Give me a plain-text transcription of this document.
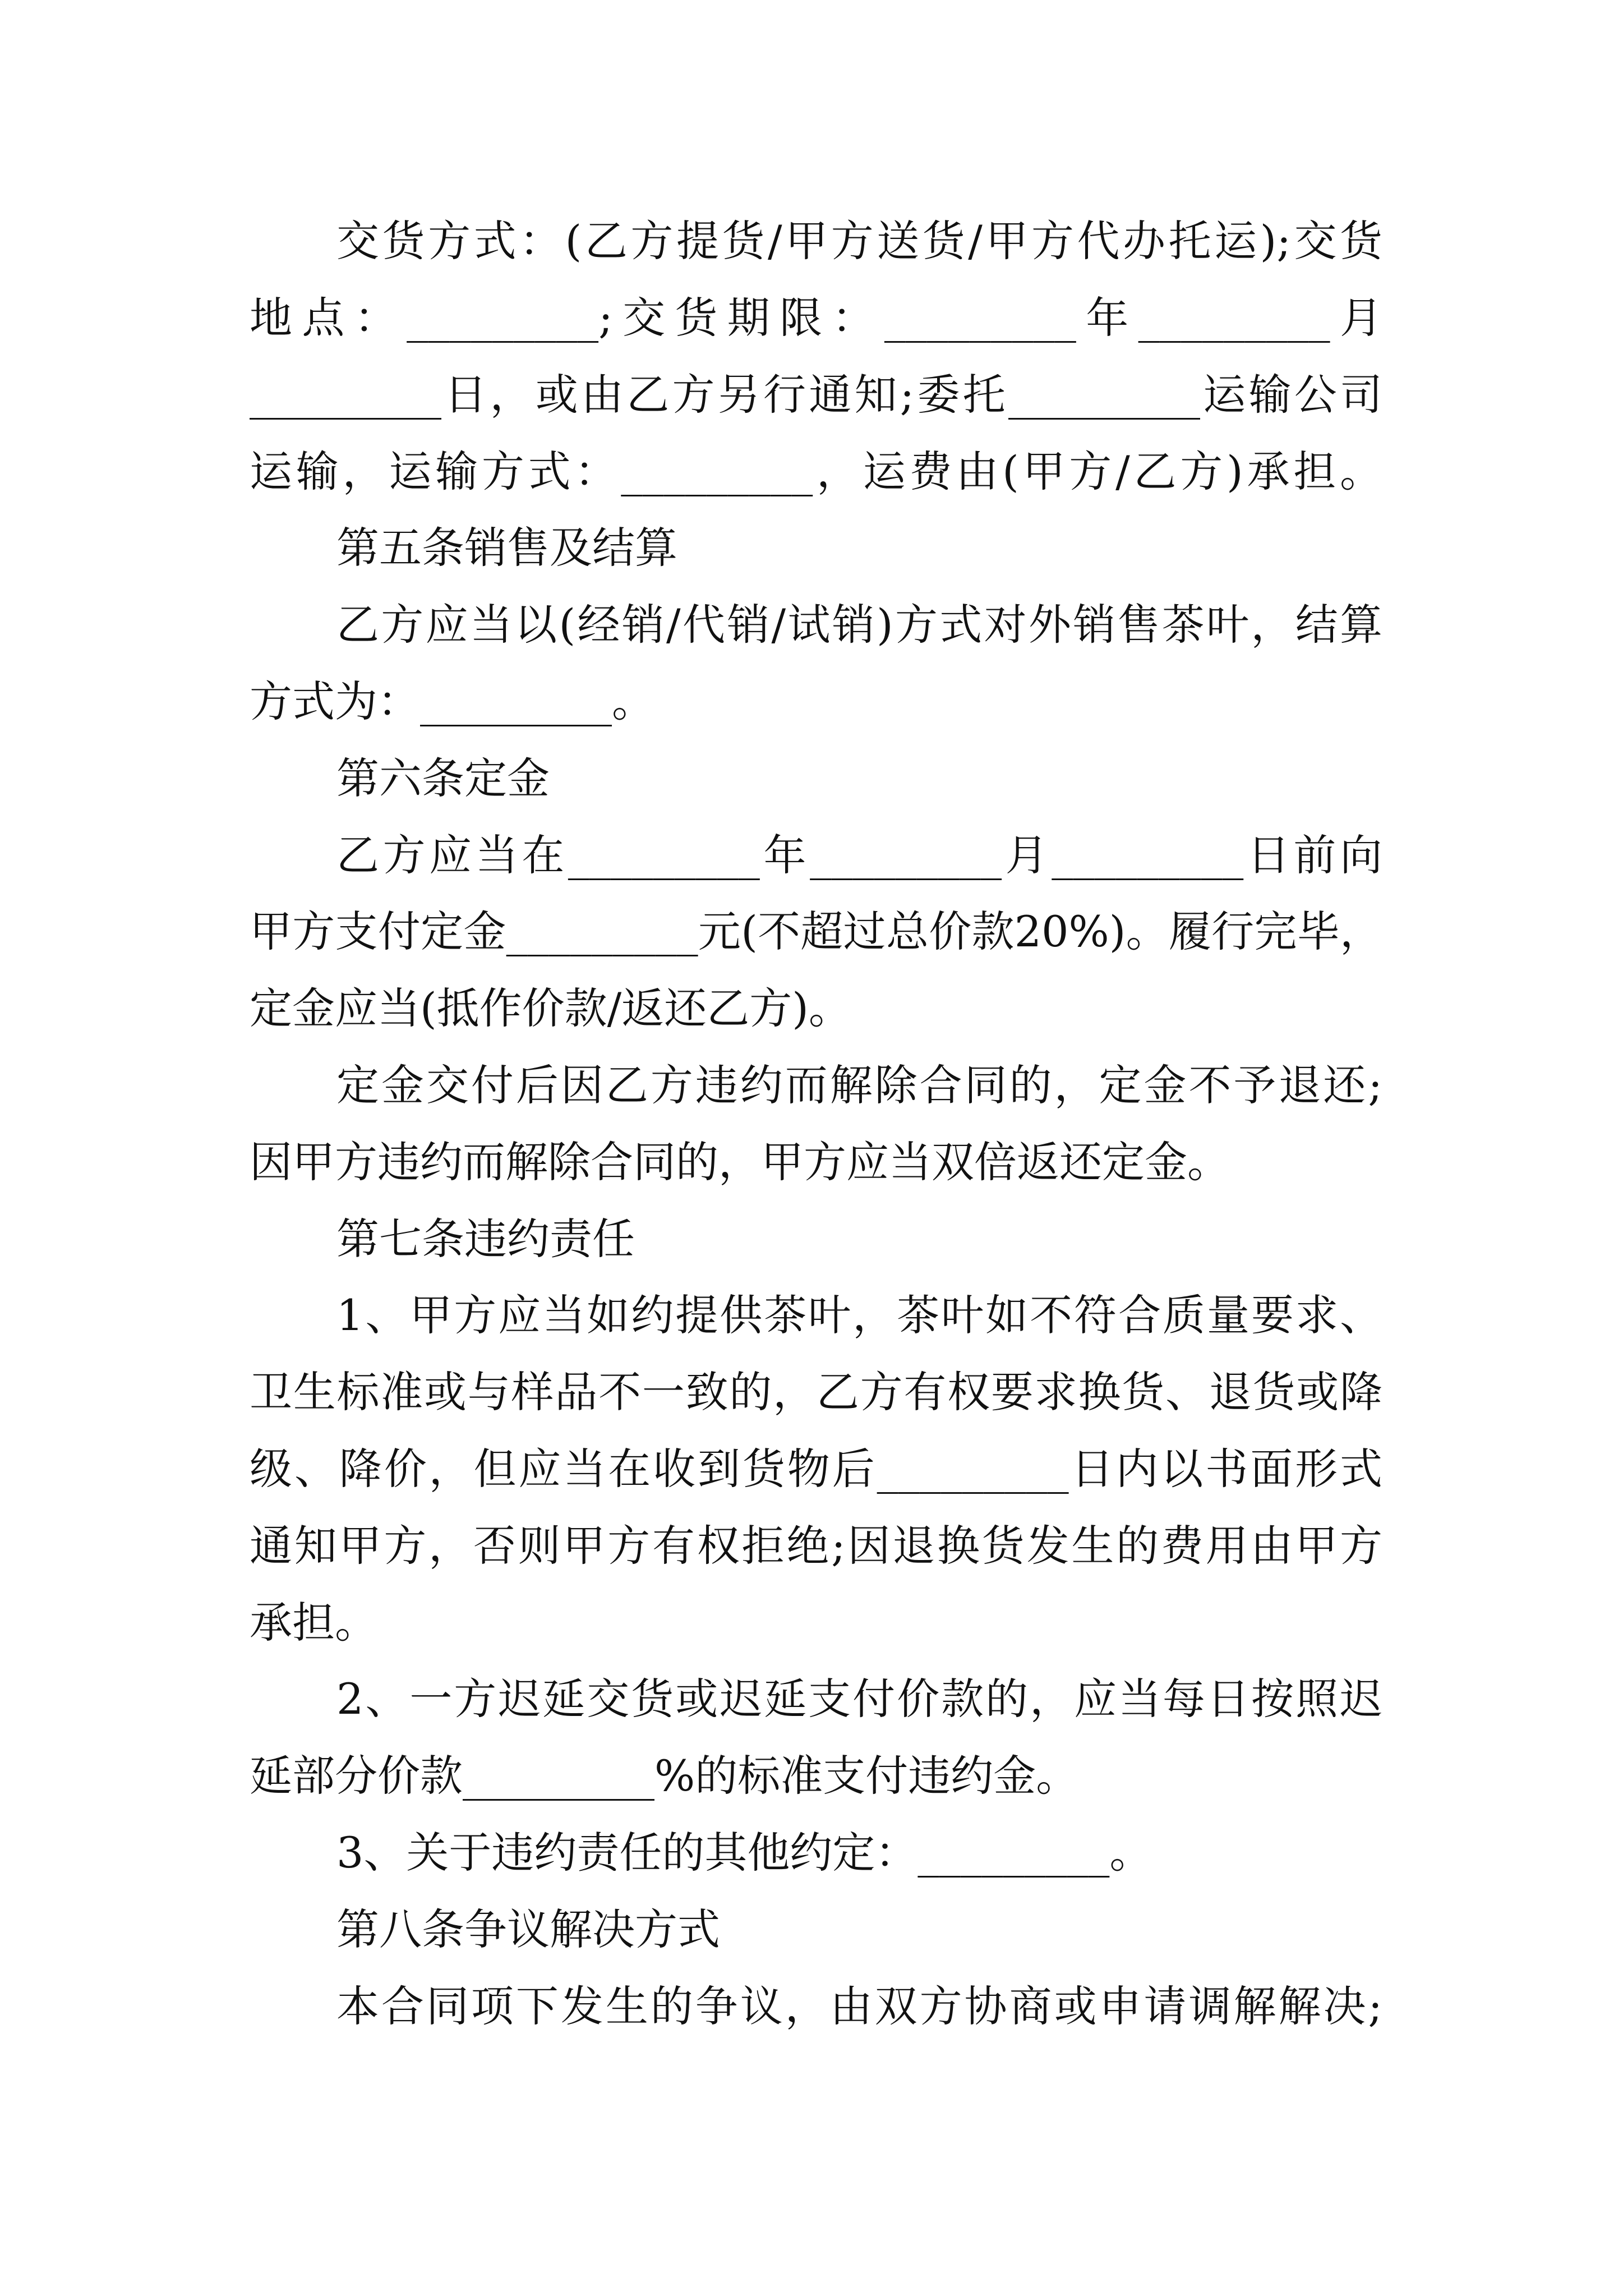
交货方式：(乙方提货/甲方送货/甲方代办托运);交货
地点：_________;交货期限：_________年_________月
_________日，或由乙方另行通知;委托_________运输公司
运输，运输方式：_________，运费由(甲方/乙方)承担。
第五条销售及结算
乙方应当以(经销/代销/试销)方式对外销售茶叶，结算
方式为：_________。
第六条定金
乙方应当在_________年_________月_________日前向
甲方支付定金_________元(不超过总价款20%)。履行完毕，
定金应当(抵作价款/返还乙方)。
定金交付后因乙方违约而解除合同的，定金不予退还;
因甲方违约而解除合同的，甲方应当双倍返还定金。
第七条违约责任
1、甲方应当如约提供茶叶，茶叶如不符合质量要求、
卫生标准或与样品不一致的，乙方有权要求换货、退货或降
级、降价，但应当在收到货物后_________日内以书面形式
通知甲方，否则甲方有权拒绝;因退换货发生的费用由甲方
承担。
2、一方迟延交货或迟延支付价款的，应当每日按照迟
延部分价款_________%的标准支付违约金。
3、关于违约责任的其他约定：_________。
第八条争议解决方式
本合同项下发生的争议，由双方协商或申请调解解决;
